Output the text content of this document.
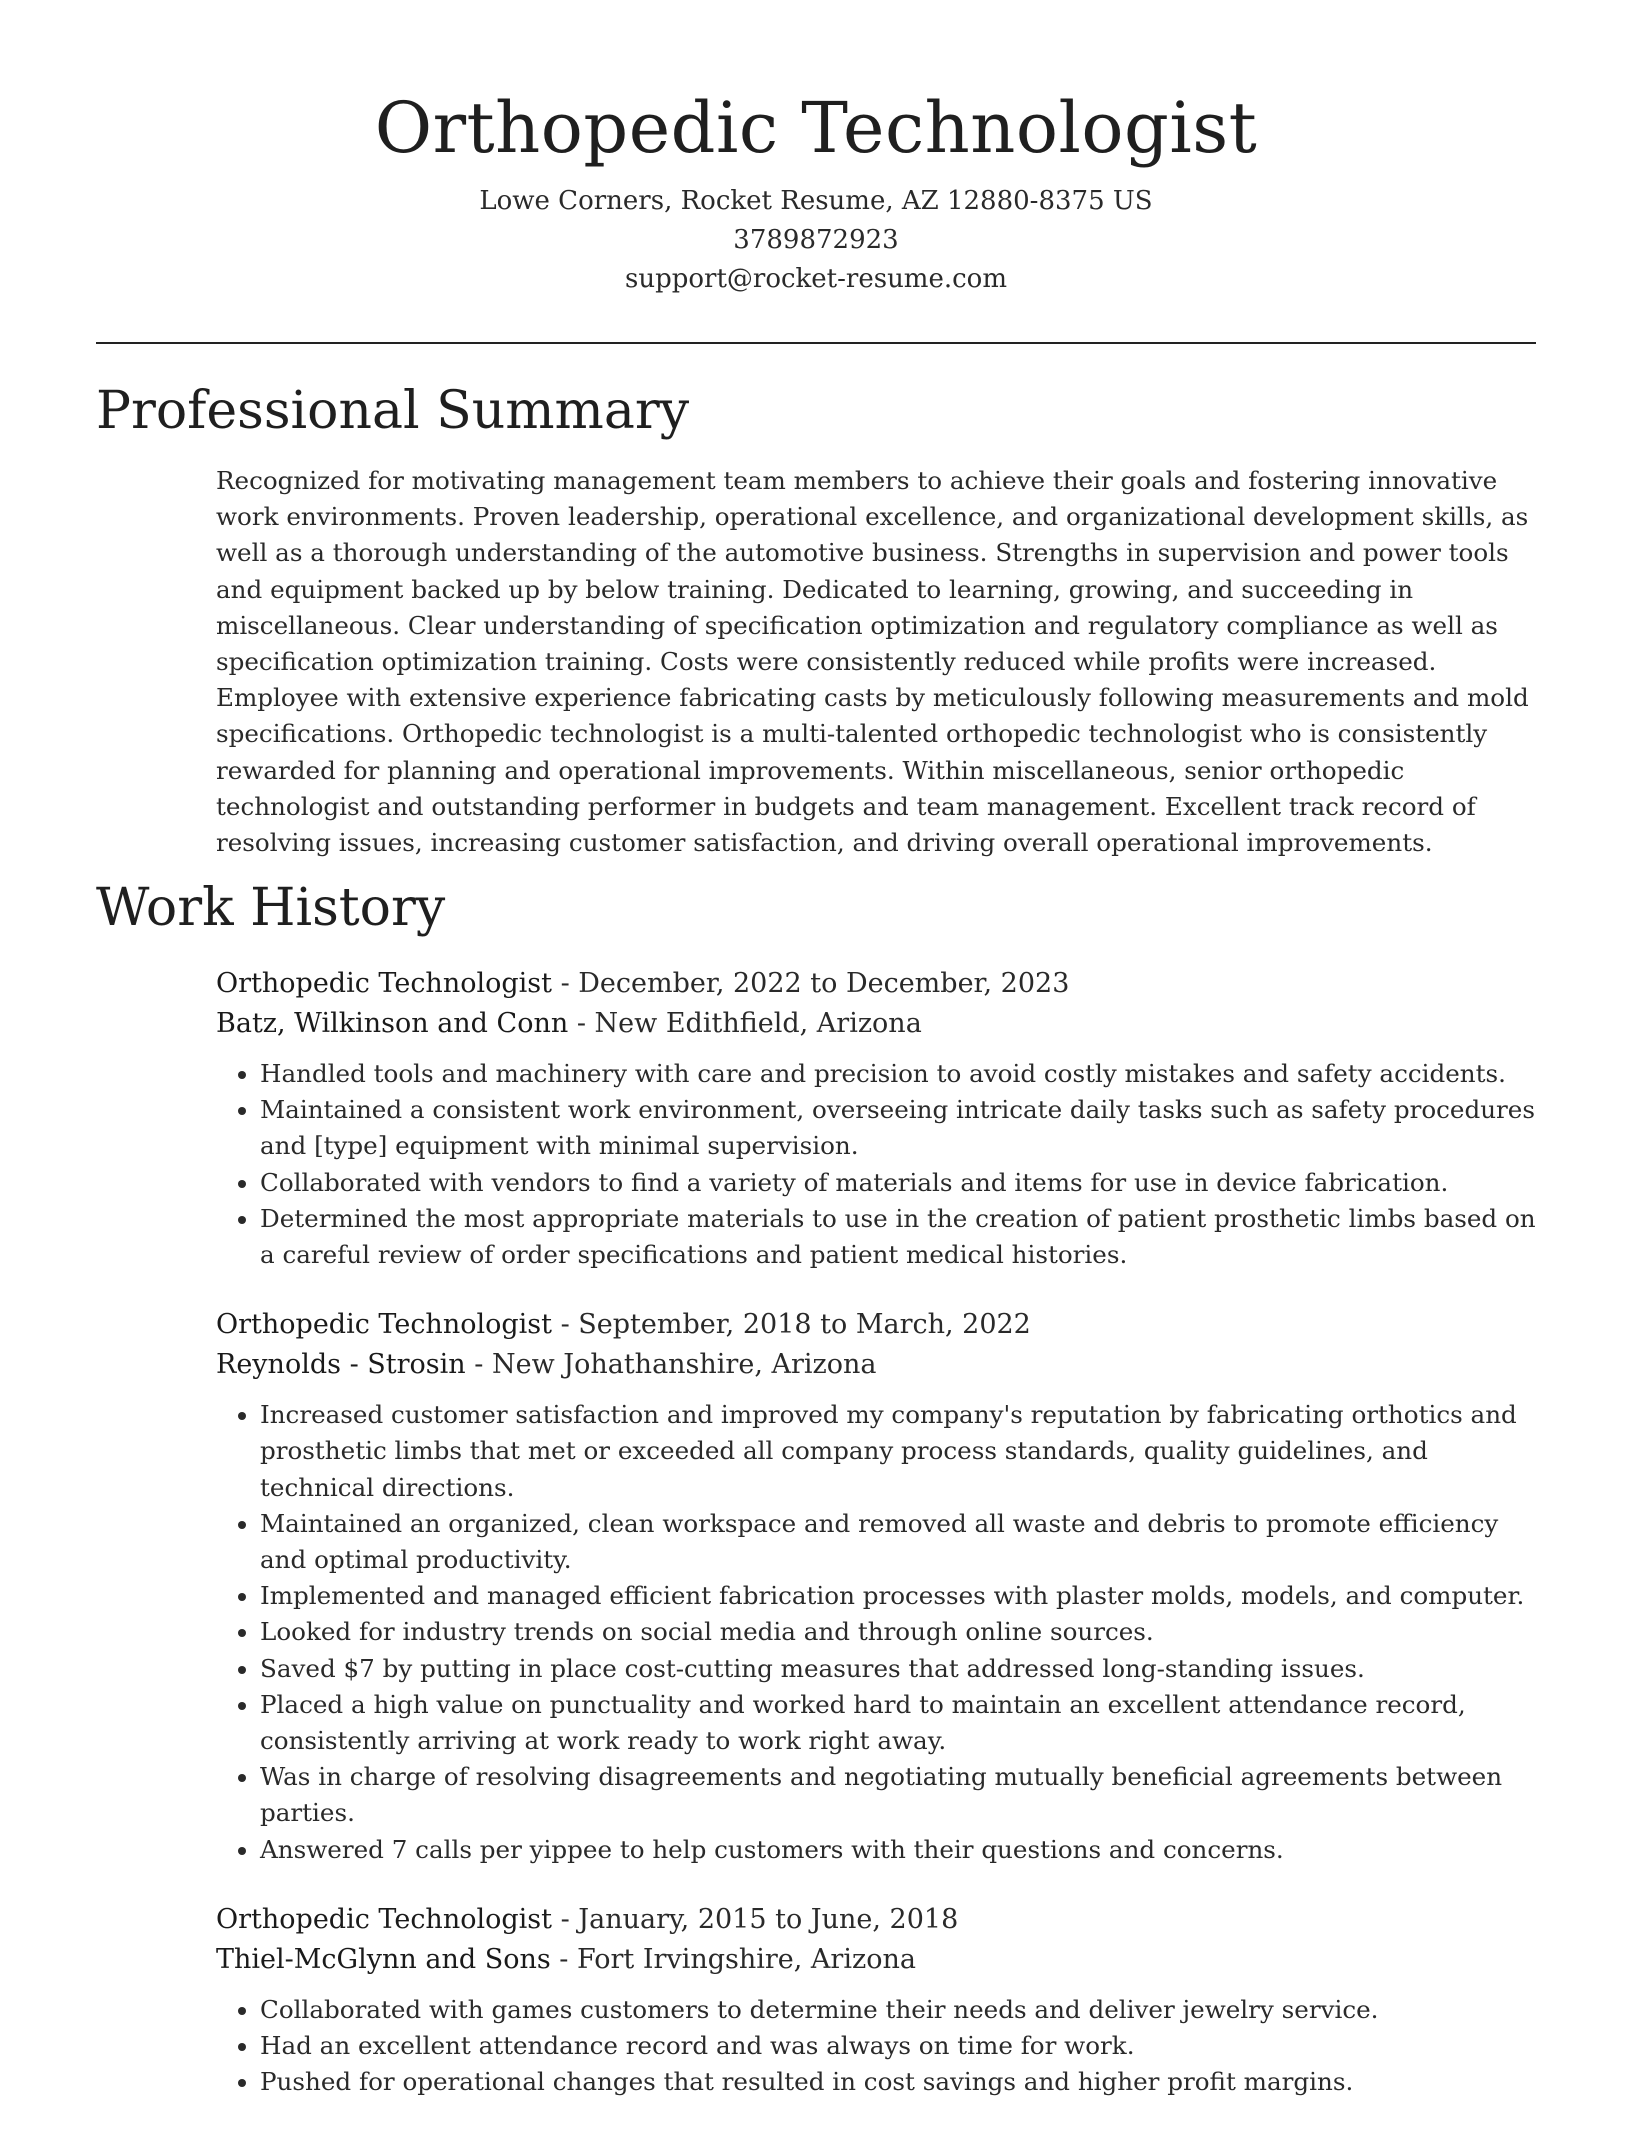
Orthopedic Technologist
Lowe Corners, Rocket Resume, AZ 12880-8375 US
3789872923
support@rocket-resume.com
Professional Summary

Recognized for motivating management team members to achieve their goals and fostering innovative work environments. Proven leadership, operational excellence, and organizational development skills, as well as a thorough understanding of the automotive business. Strengths in supervision and power tools and equipment backed up by below training. Dedicated to learning, growing, and succeeding in miscellaneous. Clear understanding of specification optimization and regulatory compliance as well as specification optimization training. Costs were consistently reduced while profits were increased. Employee with extensive experience fabricating casts by meticulously following measurements and mold specifications. Orthopedic technologist is a multi-talented orthopedic technologist who is consistently rewarded for planning and operational improvements. Within miscellaneous, senior orthopedic technologist and outstanding performer in budgets and team management. Excellent track record of resolving issues, increasing customer satisfaction, and driving overall operational improvements.

Work History
Orthopedic Technologist - December, 2022 to December, 2023
Batz, Wilkinson and Conn - New Edithfield, Arizona
• Handled tools and machinery with care and precision to avoid costly mistakes and safety accidents.
• Maintained a consistent work environment, overseeing intricate daily tasks such as safety procedures and [type] equipment with minimal supervision.
• Collaborated with vendors to find a variety of materials and items for use in device fabrication.
• Determined the most appropriate materials to use in the creation of patient prosthetic limbs based on a careful review of order specifications and patient medical histories.
Orthopedic Technologist - September, 2018 to March, 2022
Reynolds - Strosin - New Johathanshire, Arizona
• Increased customer satisfaction and improved my company's reputation by fabricating orthotics and prosthetic limbs that met or exceeded all company process standards, quality guidelines, and technical directions.
• Maintained an organized, clean workspace and removed all waste and debris to promote efficiency and optimal productivity.
• Implemented and managed efficient fabrication processes with plaster molds, models, and computer.
• Looked for industry trends on social media and through online sources.
• Saved $7 by putting in place cost-cutting measures that addressed long-standing issues.
• Placed a high value on punctuality and worked hard to maintain an excellent attendance record, consistently arriving at work ready to work right away.
• Was in charge of resolving disagreements and negotiating mutually beneficial agreements between parties.
• Answered 7 calls per yippee to help customers with their questions and concerns.
Orthopedic Technologist - January, 2015 to June, 2018
Thiel-McGlynn and Sons - Fort Irvingshire, Arizona
• Collaborated with games customers to determine their needs and deliver jewelry service.
• Had an excellent attendance record and was always on time for work.
• Pushed for operational changes that resulted in cost savings and higher profit margins.
